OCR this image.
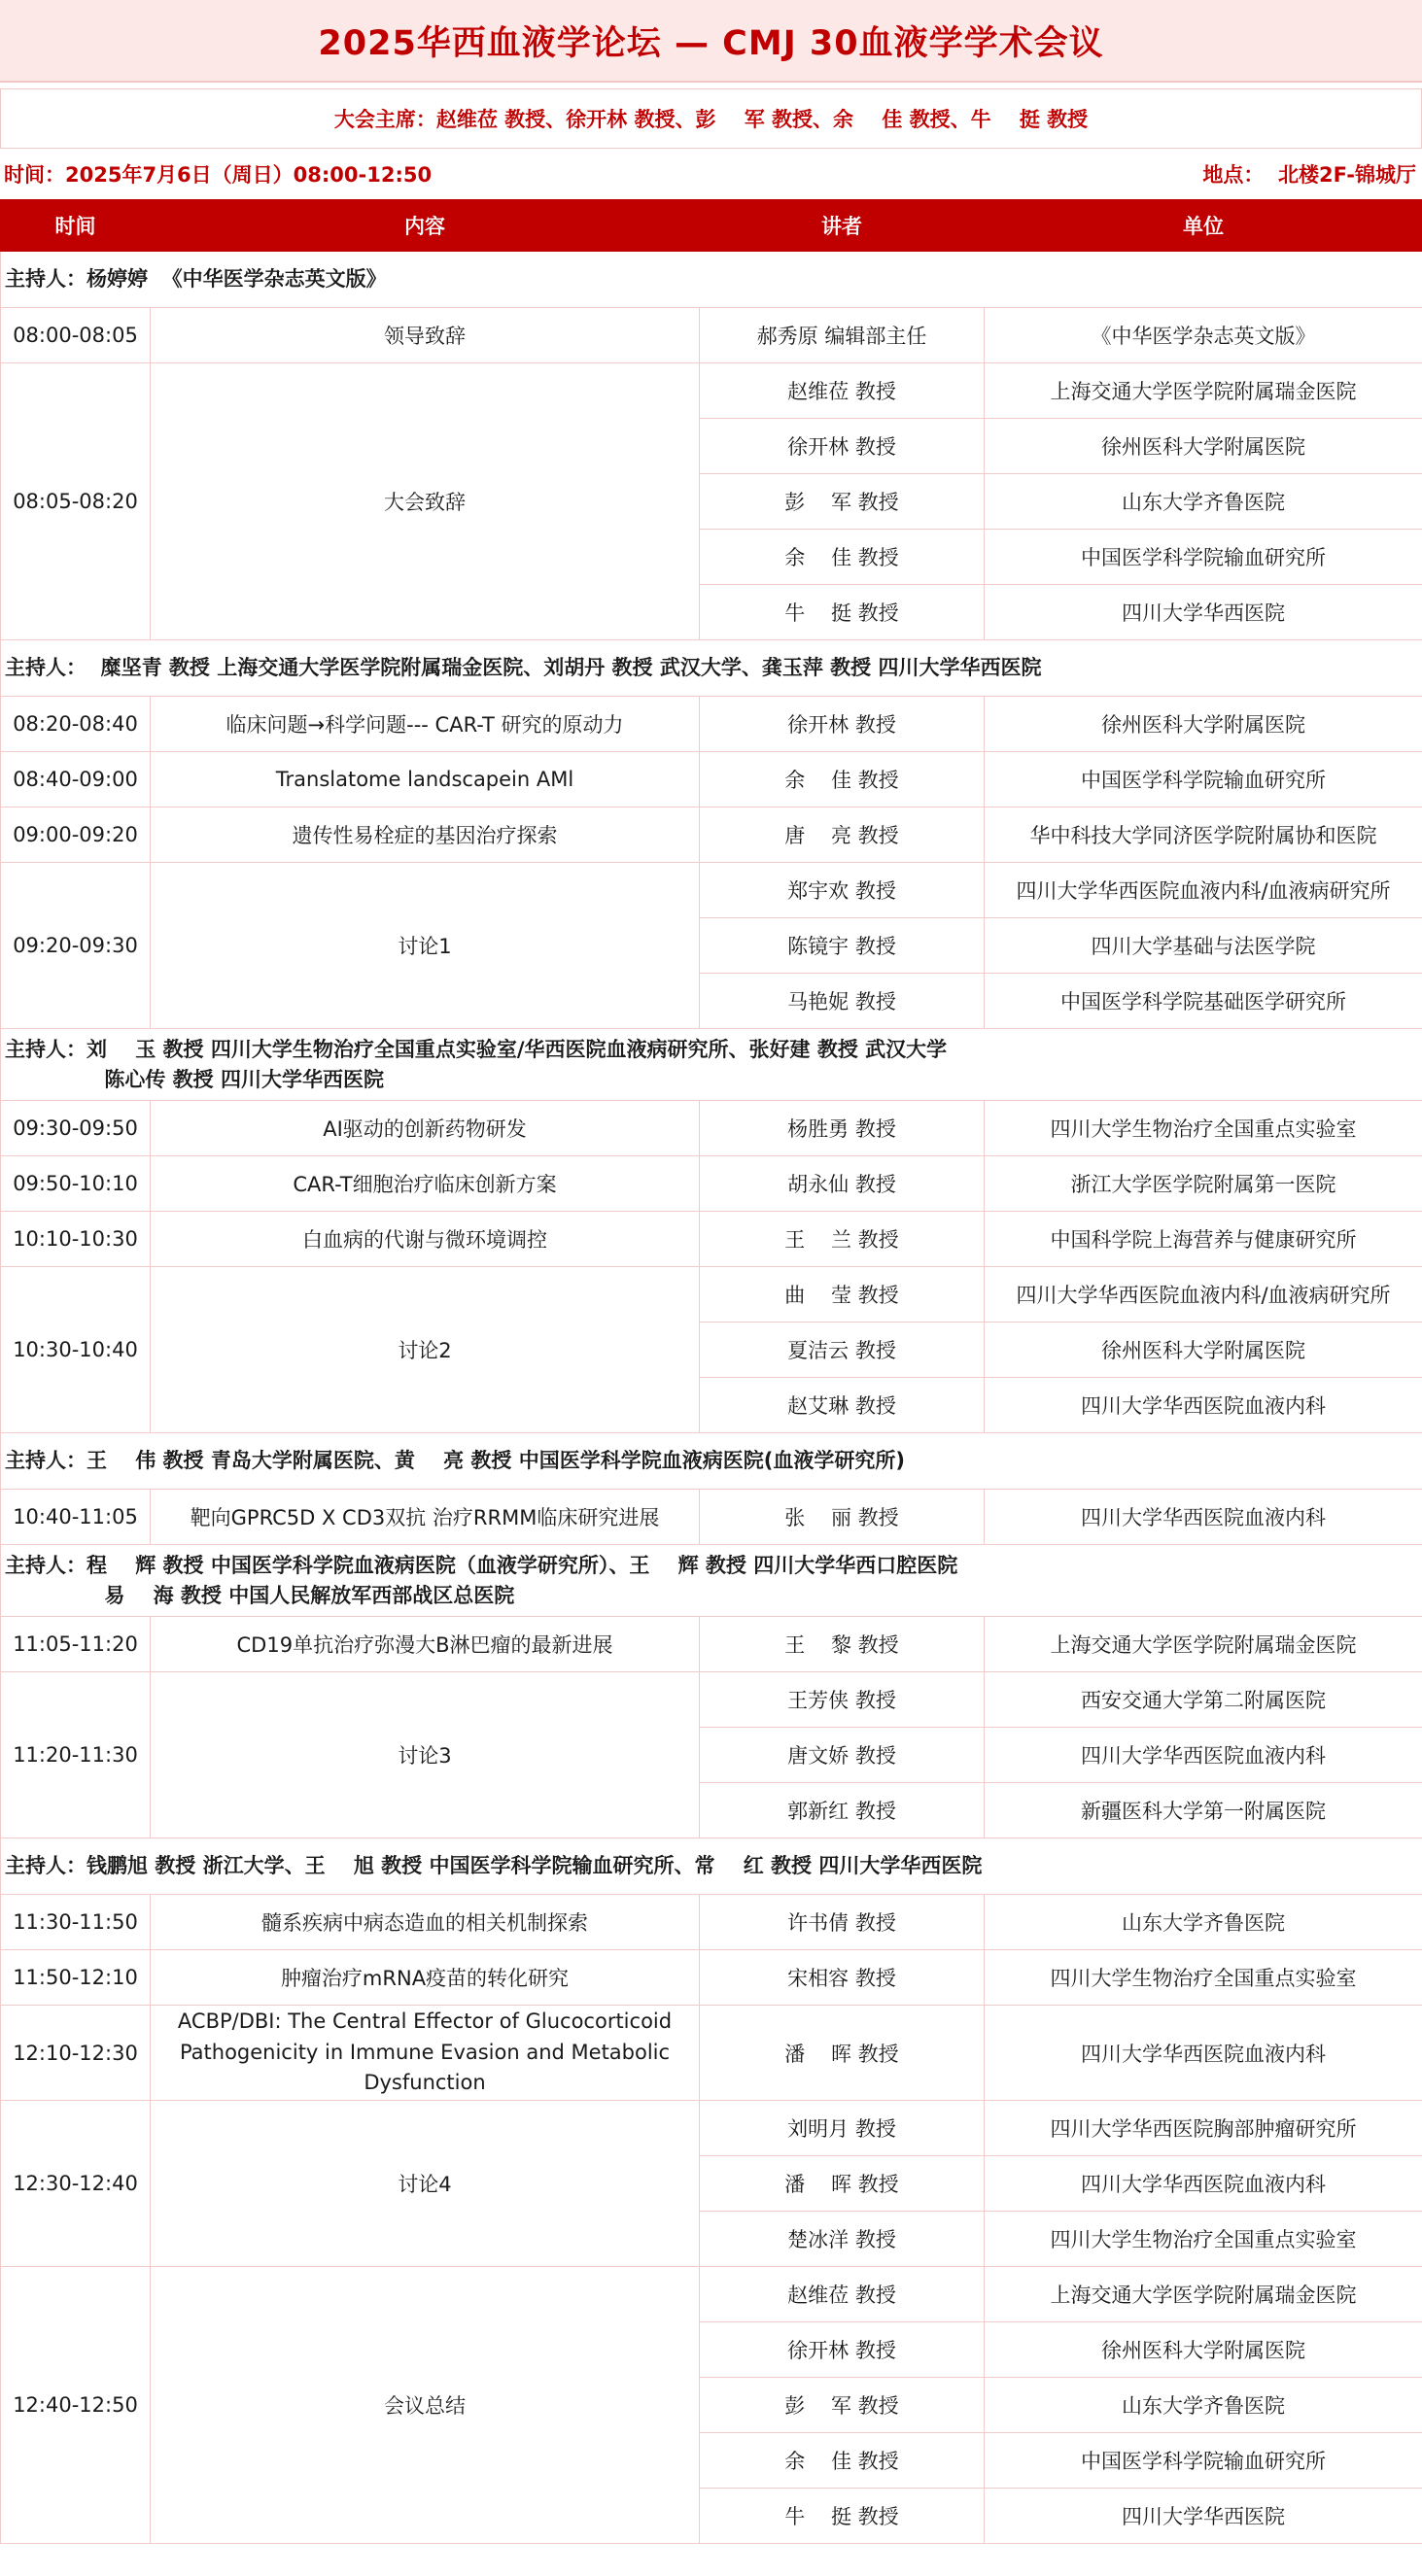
2025华西血液学论坛 — CMJ 30血液学学术会议
大会主席：赵维莅 教授、徐开林 教授、彭    军 教授、余    佳 教授、牛    挺 教授
时间：2025年7月6日（周日）08:00-12:50	地点：  北楼2F-锦城厅
时间	内容	讲者	单位

主持人：杨婷婷  《中华医学杂志英文版》			

08:00-08:05	领导致辞	郝秀原 编辑部主任	《中华医学杂志英文版》
08:05-08:20	大会致辞	赵维莅 教授	上海交通大学医学院附属瑞金医院
		徐开林 教授	徐州医科大学附属医院
		彭    军 教授	山东大学齐鲁医院
		余    佳 教授	中国医学科学院输血研究所
		牛    挺 教授	四川大学华西医院

主持人：  糜坚青 教授 上海交通大学医学院附属瑞金医院、刘胡丹 教授 武汉大学、龚玉萍 教授 四川大学华西医院			

08:20-08:40	临床问题→科学问题--- CAR-T 研究的原动力	徐开林 教授	徐州医科大学附属医院
08:40-09:00	Translatome landscapein AMl	余    佳 教授	中国医学科学院输血研究所
09:00-09:20	遗传性易栓症的基因治疗探索	唐    亮 教授	华中科技大学同济医学院附属协和医院
09:20-09:30	讨论1	郑宇欢 教授	四川大学华西医院血液内科/血液病研究所
		陈镜宇 教授	四川大学基础与法医学院
		马艳妮 教授	中国医学科学院基础医学研究所

主持人：刘    玉 教授 四川大学生物治疗全国重点实验室/华西医院血液病研究所、张好建 教授 武汉大学
陈心传 教授 四川大学华西医院			

09:30-09:50	AI驱动的创新药物研发	杨胜勇 教授	四川大学生物治疗全国重点实验室
09:50-10:10	CAR-T细胞治疗临床创新方案	胡永仙 教授	浙江大学医学院附属第一医院
10:10-10:30	白血病的代谢与微环境调控	王    兰 教授	中国科学院上海营养与健康研究所
10:30-10:40	讨论2	曲    莹 教授	四川大学华西医院血液内科/血液病研究所
		夏洁云 教授	徐州医科大学附属医院
		赵艾琳 教授	四川大学华西医院血液内科

主持人：王    伟 教授 青岛大学附属医院、黄    亮 教授 中国医学科学院血液病医院(血液学研究所)			

10:40-11:05	靶向GPRC5D X CD3双抗 治疗RRMM临床研究进展	张    丽 教授	四川大学华西医院血液内科

主持人：程    辉 教授 中国医学科学院血液病医院（血液学研究所）、王    辉 教授 四川大学华西口腔医院
易    海 教授 中国人民解放军西部战区总医院			

11:05-11:20	CD19单抗治疗弥漫大B淋巴瘤的最新进展	王    黎 教授	上海交通大学医学院附属瑞金医院
11:20-11:30	讨论3	王芳侠 教授	西安交通大学第二附属医院
		唐文娇 教授	四川大学华西医院血液内科
		郭新红 教授	新疆医科大学第一附属医院

主持人：钱鹏旭 教授 浙江大学、王    旭 教授 中国医学科学院输血研究所、常    红 教授 四川大学华西医院			

11:30-11:50	髓系疾病中病态造血的相关机制探索	许书倩 教授	山东大学齐鲁医院
11:50-12:10	肿瘤治疗mRNA疫苗的转化研究	宋相容 教授	四川大学生物治疗全国重点实验室
12:10-12:30	ACBP/DBI: The Central Effector of Glucocorticoid Pathogenicity in Immune Evasion and Metabolic Dysfunction	潘    晖 教授	四川大学华西医院血液内科
12:30-12:40	讨论4	刘明月 教授	四川大学华西医院胸部肿瘤研究所
		潘    晖 教授	四川大学华西医院血液内科
		楚冰洋 教授	四川大学生物治疗全国重点实验室
12:40-12:50	会议总结	赵维莅 教授	上海交通大学医学院附属瑞金医院
		徐开林 教授	徐州医科大学附属医院
		彭    军 教授	山东大学齐鲁医院
		余    佳 教授	中国医学科学院输血研究所
		牛    挺 教授	四川大学华西医院
